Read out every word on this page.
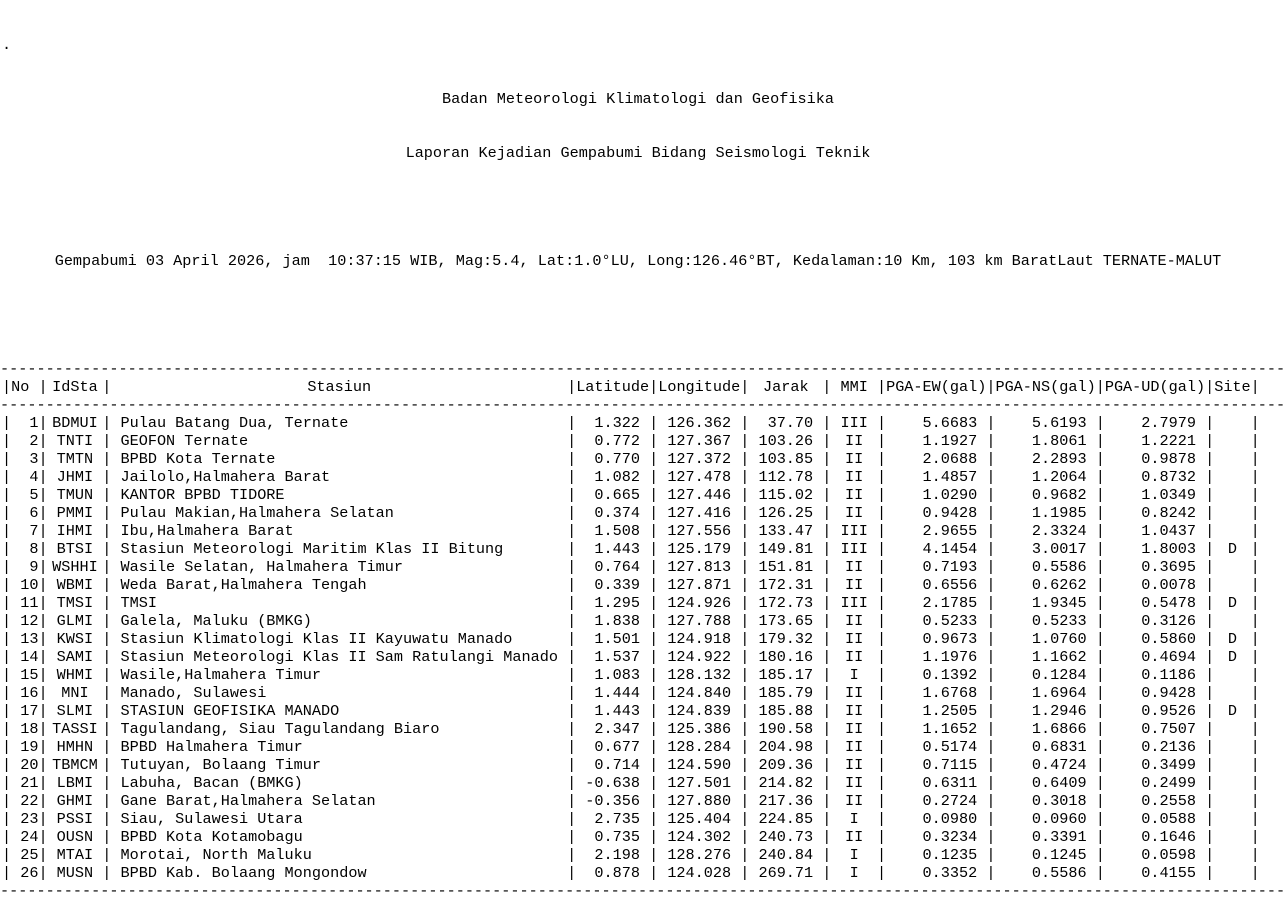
.

Badan Meteorologi Klimatologi dan Geofisika

Laporan Kejadian Gempabumi Bidang Seismologi Teknik

Gempabumi 03 April 2026, jam  10:37:15 WIB, Mag:5.4, Lat:1.0°LU, Long:126.46°BT, Kedalaman:10 Km, 103 km BaratLaut TERNATE-MALUT

---------------------------------------------------------------------------------------------------------------------------------------------
| No | IdSta |	Stasiun	| Latitude | Longitude | Jarak | MMI | PGA-EW(gal) | PGA-NS(gal) | PGA-UD(gal) | Site |
---------------------------------------------------------------------------------------------------------------------------------------------
|	1 | BDMUI | Pulau Batang Dua, Ternate	|	1.322 | 126.362 |	37.70 | III |	5.6683 |	5.6193 |	2.7979 | |
|	2 | TNTI | GEOFON Ternate	|	0.772 | 127.367 | 103.26 | II |	1.1927 |	1.8061 |	1.2221 | |
|	3 | TMTN | BPBD Kota Ternate	|	0.770 | 127.372 | 103.85 | II |	2.0688 |	2.2893 |	0.9878 | |
|	4 | JHMI | Jailolo,Halmahera Barat	|	1.082 | 127.478 | 112.78 | II |	1.4857 |	1.2064 |	0.8732 | |
|	5 | TMUN | KANTOR BPBD TIDORE	|	0.665 | 127.446 | 115.02 | II |	1.0290 |	0.9682 |	1.0349 | |
|	6 | PMMI | Pulau Makian,Halmahera Selatan	|	0.374 | 127.416 | 126.25 | II |	0.9428 |	1.1985 |	0.8242 | |
|	7 | IHMI | Ibu,Halmahera Barat	|	1.508 | 127.556 | 133.47 | III |	2.9655 |	2.3324 |	1.0437 | |
|	8 | BTSI | Stasiun Meteorologi Maritim Klas II Bitung	|	1.443 | 125.179 | 149.81 | III |	4.1454 |	3.0017 |	1.8003 | D |
|	9 | WSHHI | Wasile Selatan, Halmahera Timur	|	0.764 | 127.813 | 151.81 | II |	0.7193 |	0.5586 |	0.3695 | |
| 10 | WBMI | Weda Barat,Halmahera Tengah	|	0.339 | 127.871 | 172.31 | II |	0.6556 |	0.6262 |	0.0078 | |
| 11 | TMSI | TMSI	|	1.295 | 124.926 | 172.73 | III |	2.1785 |	1.9345 |	0.5478 | D |
| 12 | GLMI | Galela, Maluku (BMKG)	|	1.838 | 127.788 | 173.65 | II |	0.5233 |	0.5233 |	0.3126 | |
| 13 | KWSI | Stasiun Klimatologi Klas II Kayuwatu Manado	|	1.501 | 124.918 | 179.32 | II |	0.9673 |	1.0760 |	0.5860 | D |
| 14 | SAMI | Stasiun Meteorologi Klas II Sam Ratulangi Manado |	1.537 | 124.922 | 180.16 | II |	1.1976 |	1.1662 |	0.4694 | D |
| 15 | WHMI | Wasile,Halmahera Timur	|	1.083 | 128.132 | 185.17 |	I	|	0.1392 |	0.1284 |	0.1186 | |
| 16 | MNI | Manado, Sulawesi	|	1.444 | 124.840 | 185.79 | II |	1.6768 |	1.6964 |	0.9428 | |
| 17 | SLMI | STASIUN GEOFISIKA MANADO	|	1.443 | 124.839 | 185.88 | II |	1.2505 |	1.2946 |	0.9526 | D |
| 18 | TASSI | Tagulandang, Siau Tagulandang Biaro	|	2.347 | 125.386 | 190.58 | II |	1.1652 |	1.6866 |	0.7507 | |
| 19 | HMHN | BPBD Halmahera Timur	|	0.677 | 128.284 | 204.98 | II |	0.5174 |	0.6831 |	0.2136 | |
| 20 | TBMCM | Tutuyan, Bolaang Timur	|	0.714 | 124.590 | 209.36 | II |	0.7115 |	0.4724 |	0.3499 | |
| 21 | LBMI | Labuha, Bacan (BMKG)	| -0.638 | 127.501 | 214.82 | II |	0.6311 |	0.6409 |	0.2499 | |
| 22 | GHMI | Gane Barat,Halmahera Selatan	| -0.356 | 127.880 | 217.36 | II |	0.2724 |	0.3018 |	0.2558 | |
| 23 | PSSI | Siau, Sulawesi Utara	|	2.735 | 125.404 | 224.85 |	I	|	0.0980 |	0.0960 |	0.0588 | |
| 24 | OUSN | BPBD Kota Kotamobagu	|	0.735 | 124.302 | 240.73 | II |	0.3234 |	0.3391 |	0.1646 | |
| 25 | MTAI | Morotai, North Maluku	|	2.198 | 128.276 | 240.84 |	I	|	0.1235 |	0.1245 |	0.0598 | |
| 26 | MUSN | BPBD Kab. Bolaang Mongondow	|	0.878 | 124.028 | 269.71 |	I	|	0.3352 |	0.5586 |	0.4155 | |
---------------------------------------------------------------------------------------------------------------------------------------------
